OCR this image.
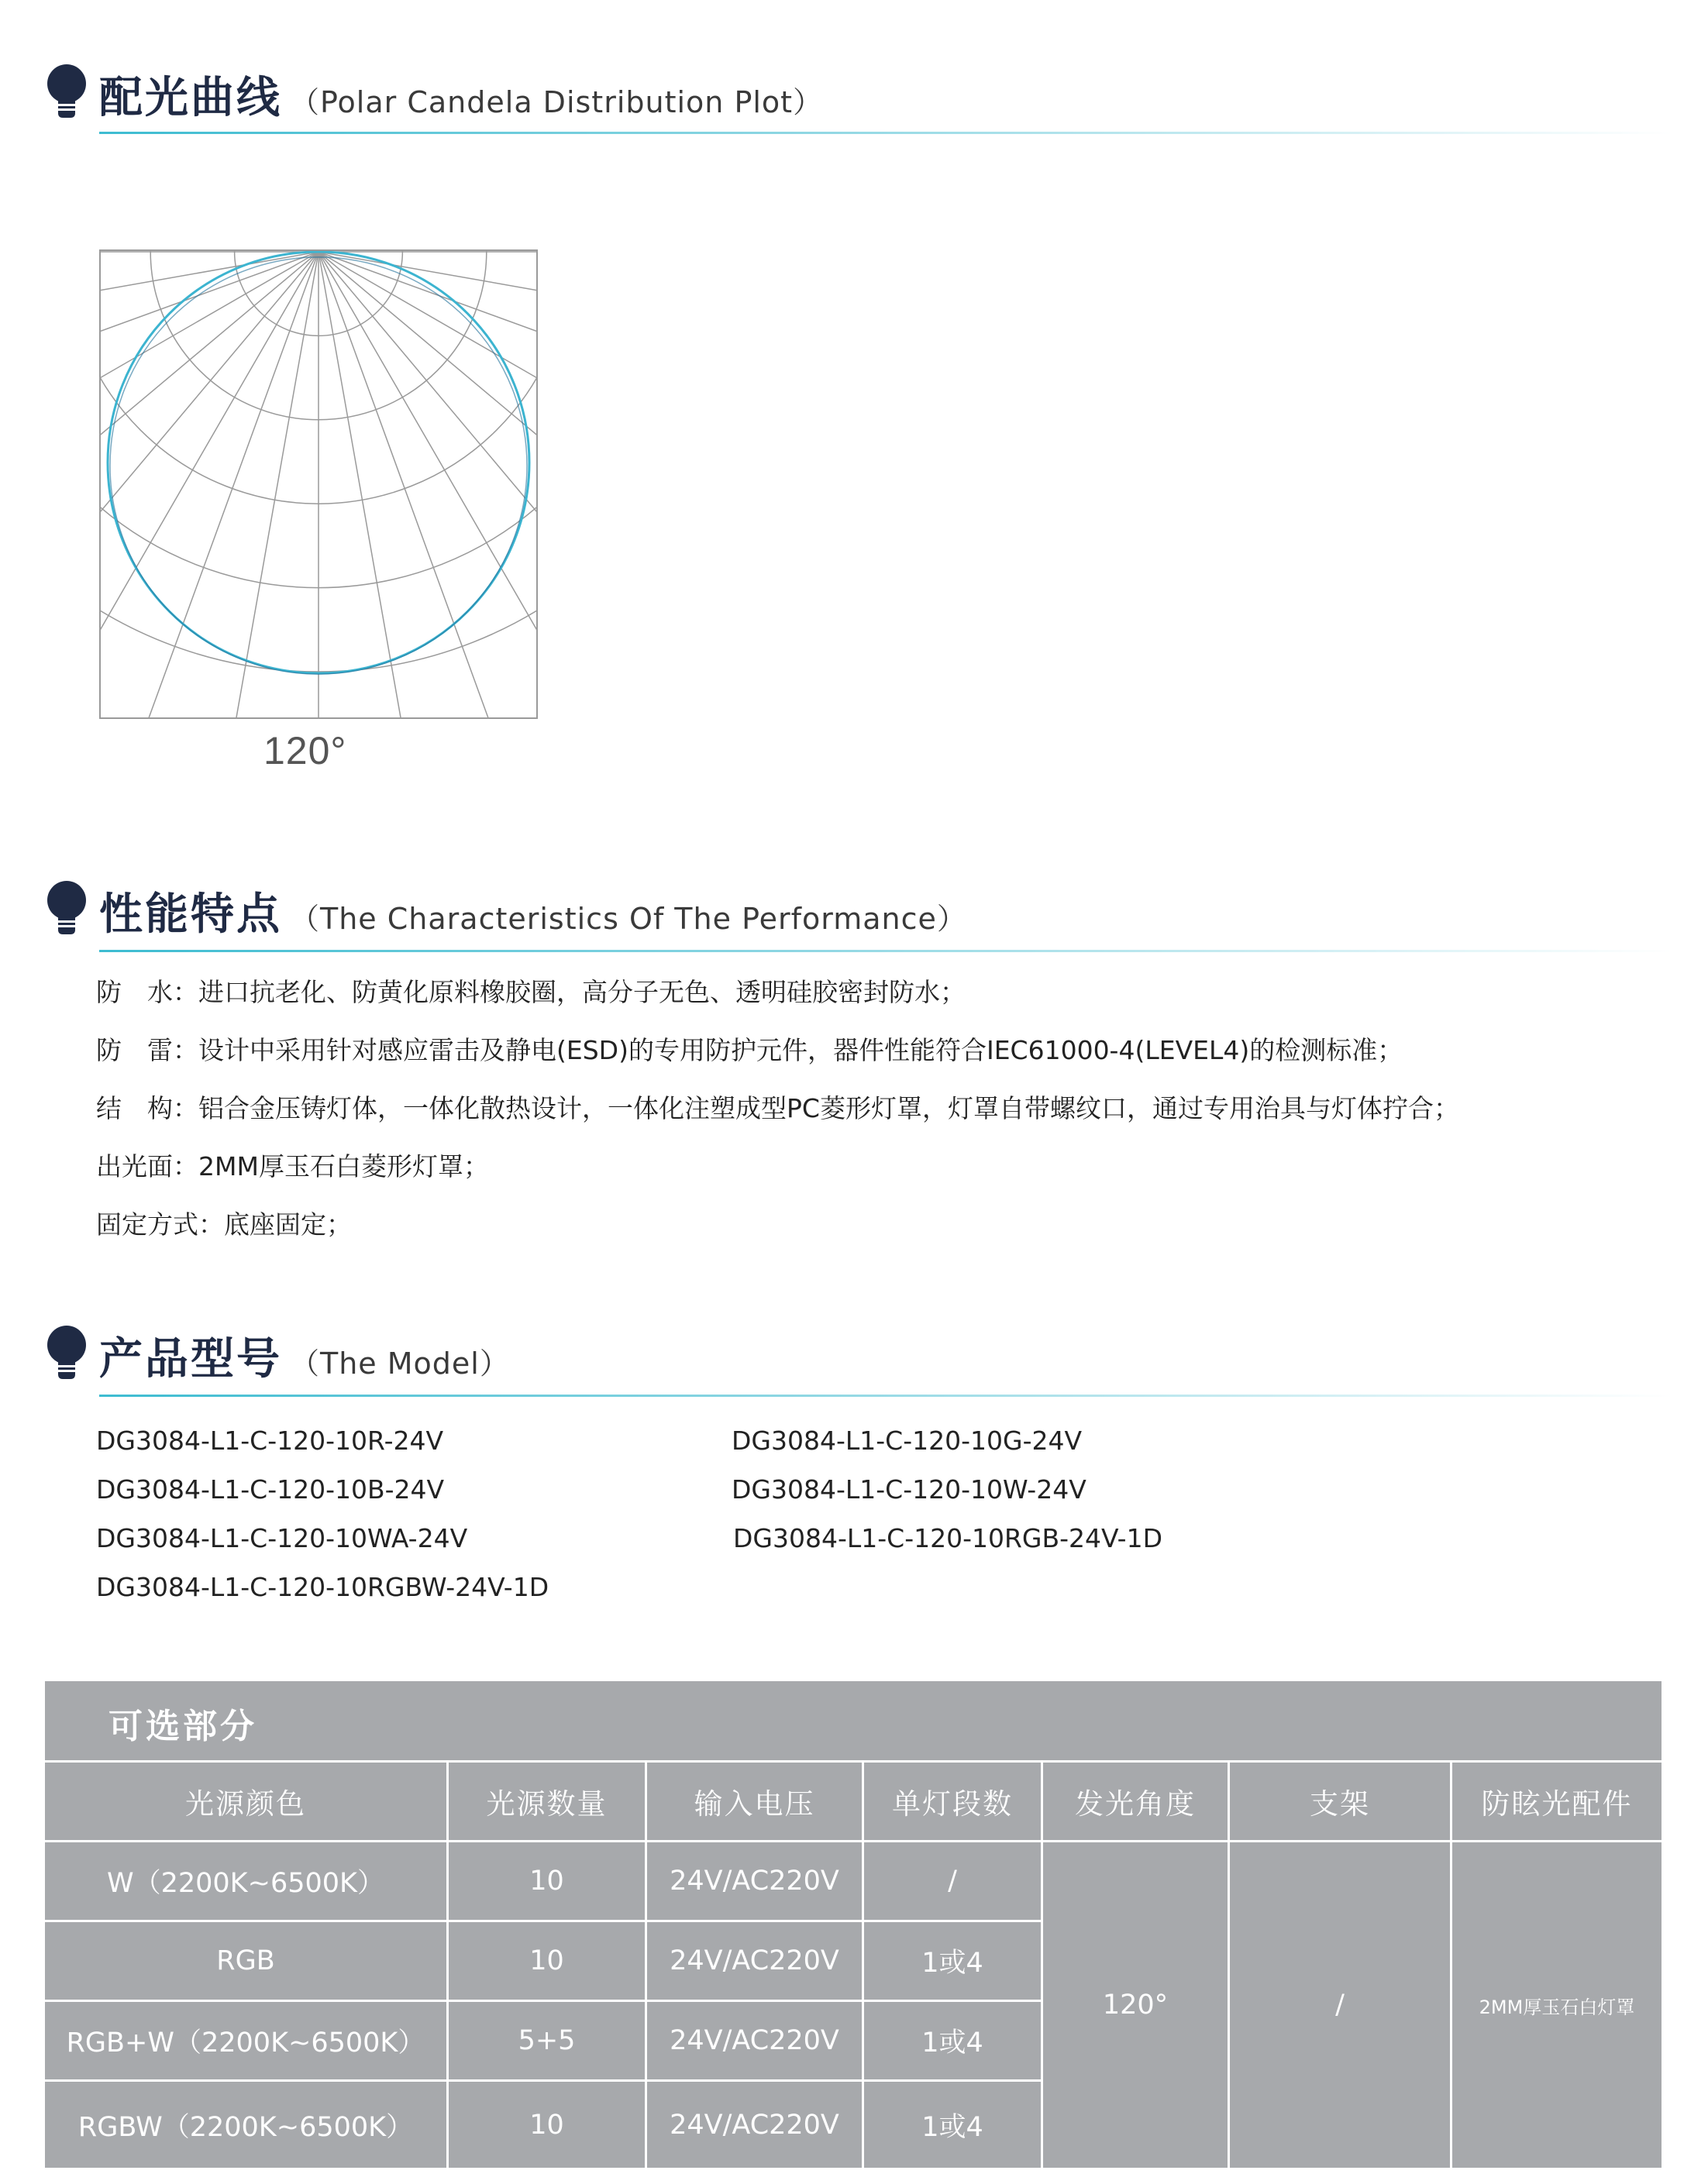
配光曲线 （Polar Candela Distribution Plot）
120°
性能特点 （The Characteristics Of The Performance）
防　水：进口抗老化、防黄化原料橡胶圈，高分子无色、透明硅胶密封防水；
防　雷：设计中采用针对感应雷击及静电(ESD)的专用防护元件，器件性能符合IEC61000-4(LEVEL4)的检测标准；
结　构：铝合金压铸灯体，一体化散热设计，一体化注塑成型PC菱形灯罩，灯罩自带螺纹口，通过专用治具与灯体拧合；
出光面：2MM厚玉石白菱形灯罩；
固定方式：底座固定；
产品型号 （The Model）
DG3084-L1-C-120-10R-24V	DG3084-L1-C-120-10G-24V
DG3084-L1-C-120-10B-24V	DG3084-L1-C-120-10W-24V
DG3084-L1-C-120-10WA-24V	DG3084-L1-C-120-10RGB-24V-1D
DG3084-L1-C-120-10RGBW-24V-1D
可选部分
光源颜色	光源数量	输入电压	单灯段数	发光角度	支架	防眩光配件
W（2200K~6500K）	10	24V/AC220V	/
RGB	10	24V/AC220V	1或4
RGB+W（2200K~6500K）	5+5	24V/AC220V	1或4
RGBW（2200K~6500K）	10	24V/AC220V	1或4
120°	/	2MM厚玉石白灯罩
